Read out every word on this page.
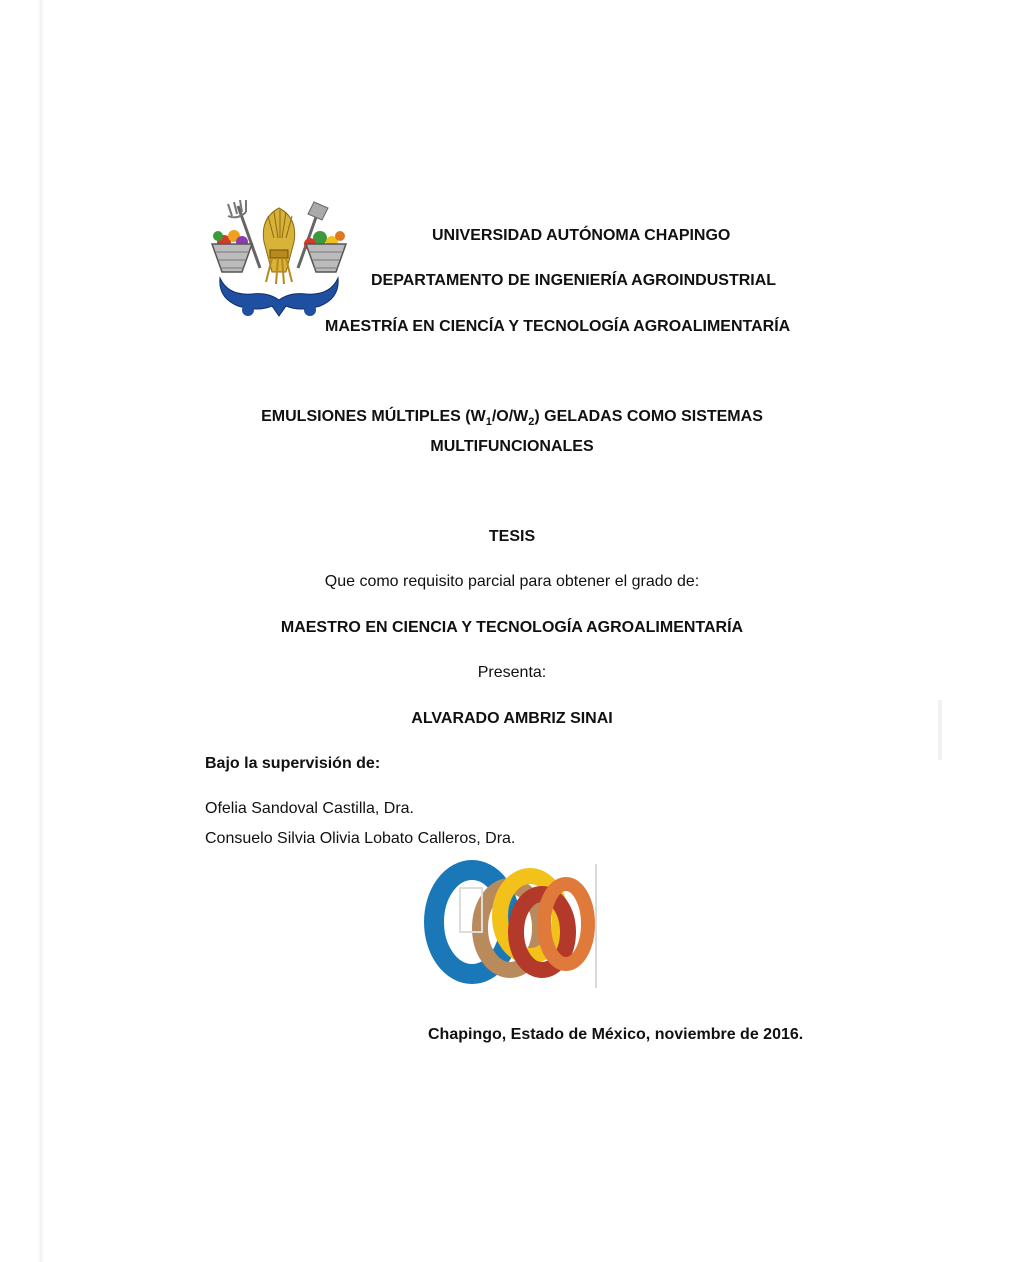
UNIVERSIDAD AUTÓNOMA CHAPINGO
DEPARTAMENTO DE INGENIERÍA AGROINDUSTRIAL
MAESTRÍA EN CIENCÍA Y TECNOLOGÍA AGROALIMENTARÍA
EMULSIONES MÚLTIPLES $(W_1/O/W_2)$ GELADAS COMO SISTEMAS
MULTIFUNCIONALES
TESIS
Que como requisito parcial para obtener el grado de:
MAESTRO EN CIENCIA Y TECNOLOGÍA AGROALIMENTARÍA
Presenta:
ALVARADO AMBRIZ SINAI
Bajo la supervisión de:
Ofelia Sandoval Castilla, Dra.
Consuelo Silvia Olivia Lobato Calleros, Dra.
Chapingo, Estado de México, noviembre de 2016.
